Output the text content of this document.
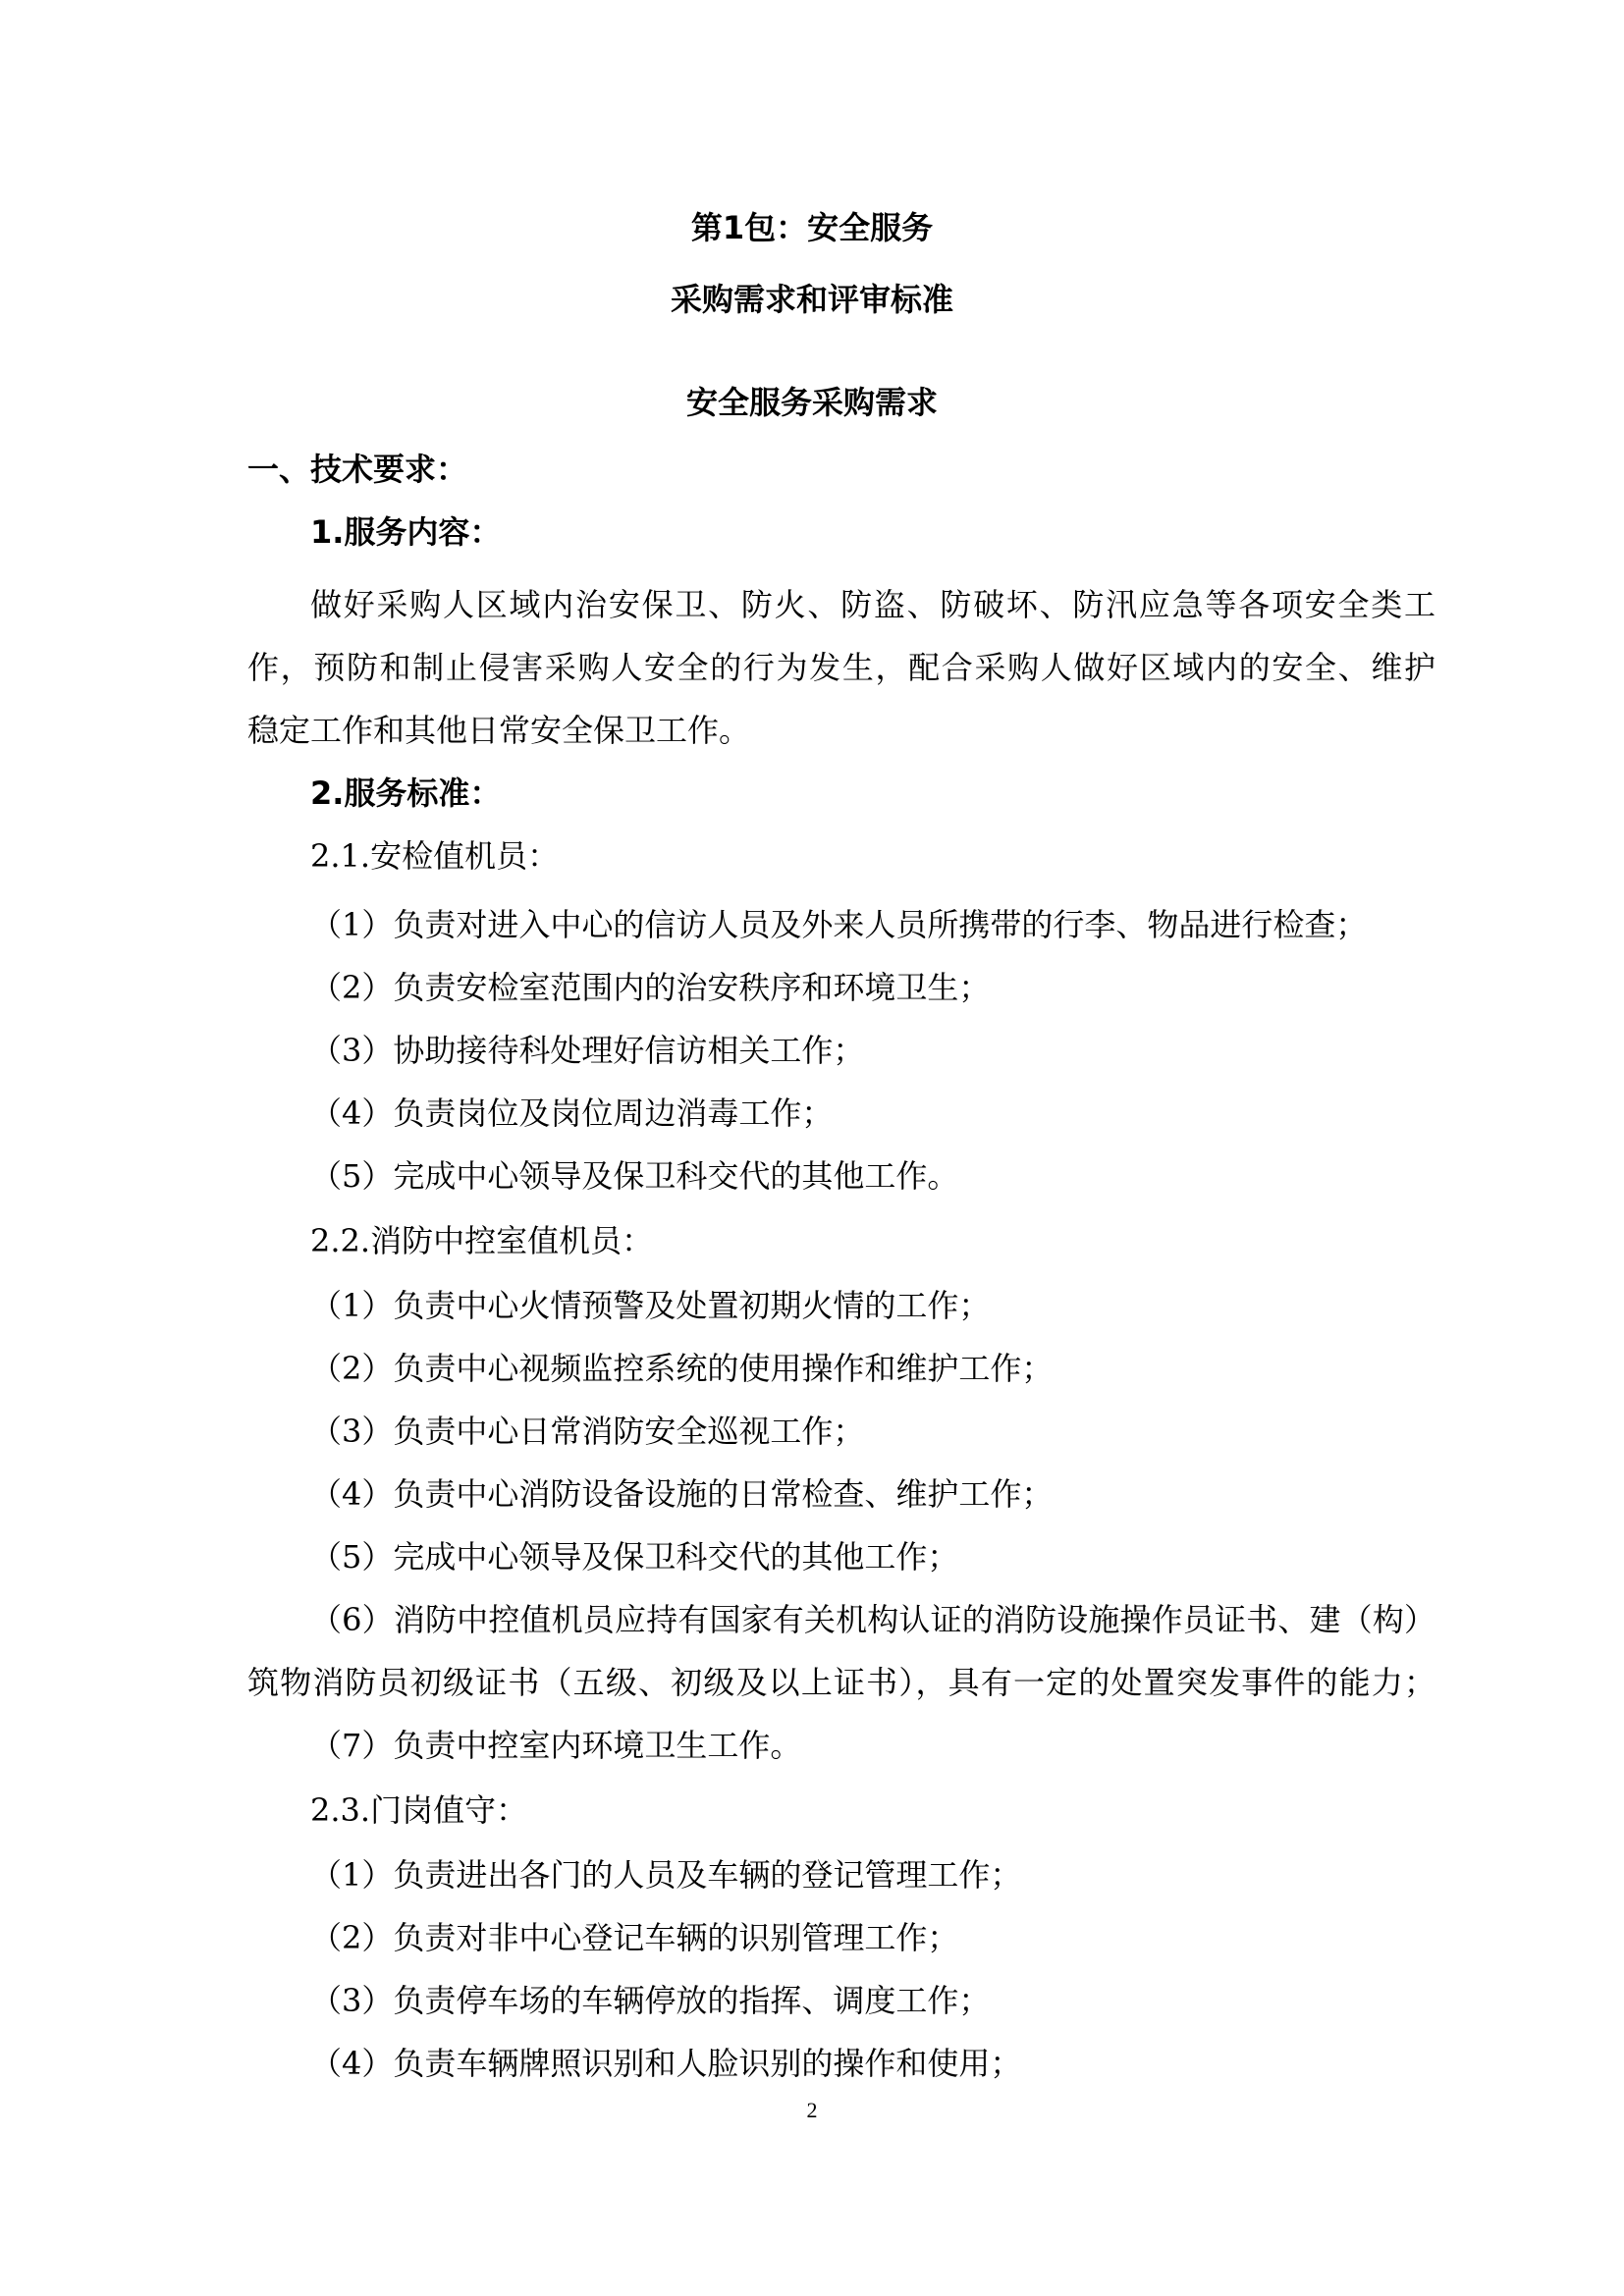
第1包：安全服务
采购需求和评审标准
安全服务采购需求
一、技术要求：
1.服务内容：
做好采购人区域内治安保卫、防火、防盗、防破坏、防汛应急等各项安全类工
作，预防和制止侵害采购人安全的行为发生，配合采购人做好区域内的安全、维护
稳定工作和其他日常安全保卫工作。
2.服务标准：
2.1.安检值机员：
（1）负责对进入中心的信访人员及外来人员所携带的行李、物品进行检查；
（2）负责安检室范围内的治安秩序和环境卫生；
（3）协助接待科处理好信访相关工作；
（4）负责岗位及岗位周边消毒工作；
（5）完成中心领导及保卫科交代的其他工作。
2.2.消防中控室值机员：
（1）负责中心火情预警及处置初期火情的工作；
（2）负责中心视频监控系统的使用操作和维护工作；
（3）负责中心日常消防安全巡视工作；
（4）负责中心消防设备设施的日常检查、维护工作；
（5）完成中心领导及保卫科交代的其他工作；
（6）消防中控值机员应持有国家有关机构认证的消防设施操作员证书、建（构）
筑物消防员初级证书（五级、初级及以上证书），具有一定的处置突发事件的能力；
（7）负责中控室内环境卫生工作。
2.3.门岗值守：
（1）负责进出各门的人员及车辆的登记管理工作；
（2）负责对非中心登记车辆的识别管理工作；
（3）负责停车场的车辆停放的指挥、调度工作；
（4）负责车辆牌照识别和人脸识别的操作和使用；
2
